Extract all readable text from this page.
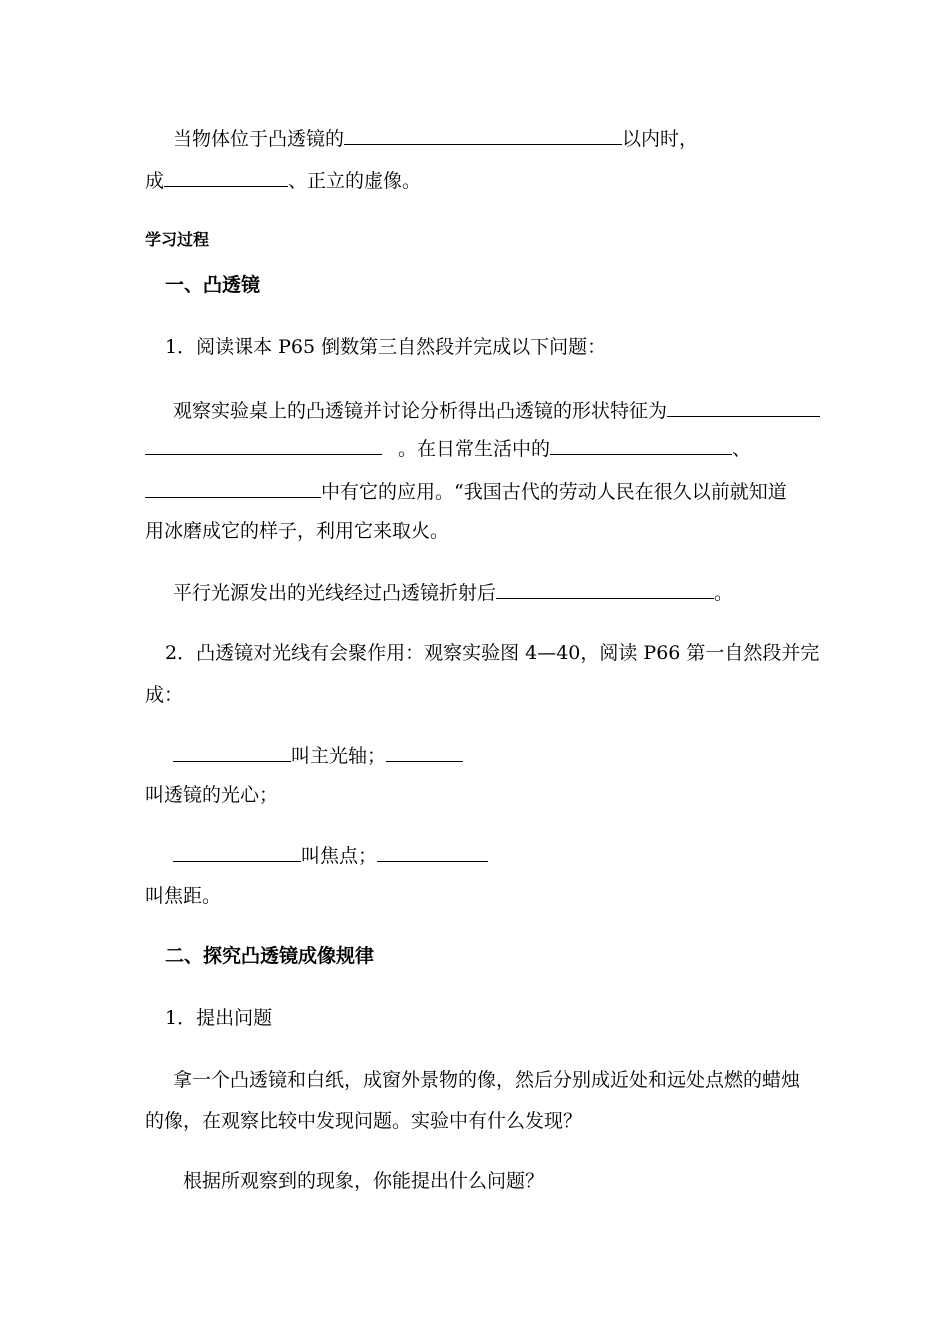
当物体位于凸透镜的	以内时，
成	、正立的虚像。
学习过程
一、凸透镜
1．阅读课本 P65 倒数第三自然段并完成以下问题：
观察实验桌上的凸透镜并讨论分析得出凸透镜的形状特征为
。在日常生活中的	、
中有它的应用。“我国古代的劳动人民在很久以前就知道
用冰磨成它的样子，利用它来取火。
平行光源发出的光线经过凸透镜折射后	。
2．凸透镜对光线有会聚作用：观察实验图 4—40，阅读 P66 第一自然段并完
成：
叫主光轴；
叫透镜的光心；
叫焦点；
叫焦距。
二、探究凸透镜成像规律
1．提出问题
拿一个凸透镜和白纸，成窗外景物的像，然后分别成近处和远处点燃的蜡烛
的像，在观察比较中发现问题。实验中有什么发现？
根据所观察到的现象，你能提出什么问题？
